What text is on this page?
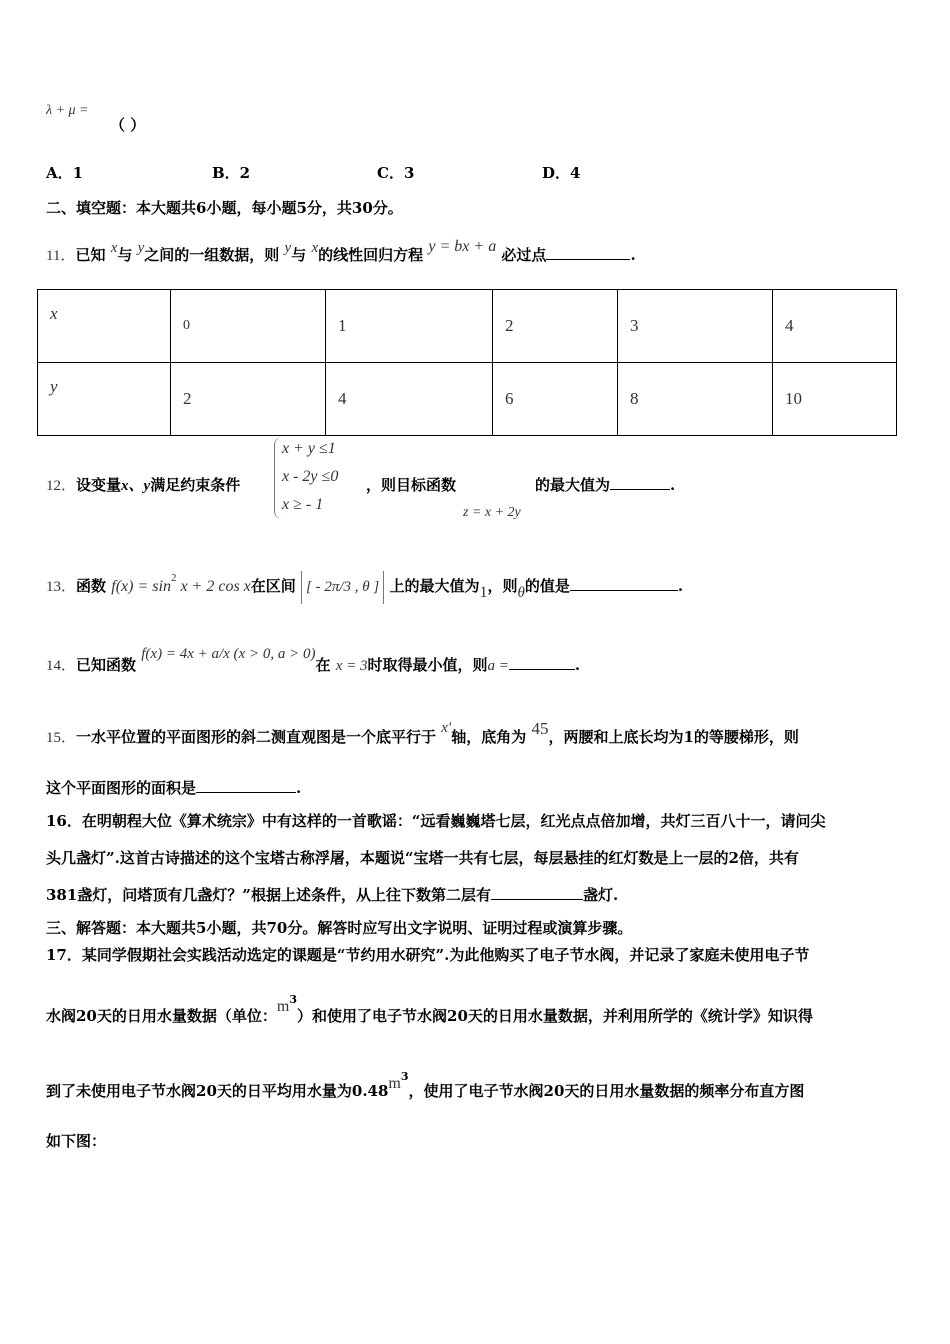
λ + μ =
（ ）
A．1	B．2	C．3	D．4
二、填空题：本大题共6小题，每小题5分，共30分。
11．已知 x与 y之间的一组数据，则 y与 x的线性回归方程 y = bx + a 必过点	.
x	0	1	2	3	4
y	2	4	6	8	10
12．设变量x、y满足约束条件
x + y ≤1
x - 2y ≤0
x ≥ - 1
，则目标函数
z = x + 2y
的最大值为	.
13．函数 $f(x) = \sin^2 x + 2$ cos x在区间 [ - 2π/3 , θ ] 上的最大值为1，则θ的值是	.
14．已知函数 f(x) = 4x + a/x (x > 0, a > 0)在 x = 3时取得最小值，则a =	.
15．一水平位置的平面图形的斜二测直观图是一个底平行于 x′轴，底角为 45，两腰和上底长均为1的等腰梯形，则
这个平面图形的面积是	.
16．在明朝程大位《算术统宗》中有这样的一首歌谣：“远看巍巍塔七层，红光点点倍加增，共灯三百八十一，请问尖
头几盏灯”.这首古诗描述的这个宝塔古称浮屠，本题说“宝塔一共有七层，每层悬挂的红灯数是上一层的2倍，共有
381盏灯，问塔顶有几盏灯？”根据上述条件，从上往下数第二层有	盏灯.
三、解答题：本大题共5小题，共70分。解答时应写出文字说明、证明过程或演算步骤。
17．某同学假期社会实践活动选定的课题是“节约用水研究”.为此他购买了电子节水阀，并记录了家庭未使用电子节
水阀20天的日用水量数据（单位：$m^3$）和使用了电子节水阀20天的日用水量数据，并利用所学的《统计学》知识得
到了未使用电子节水阀20天的日平均用水量为$0.48m^3$，使用了电子节水阀20天的日用水量数据的频率分布直方图
如下图：
